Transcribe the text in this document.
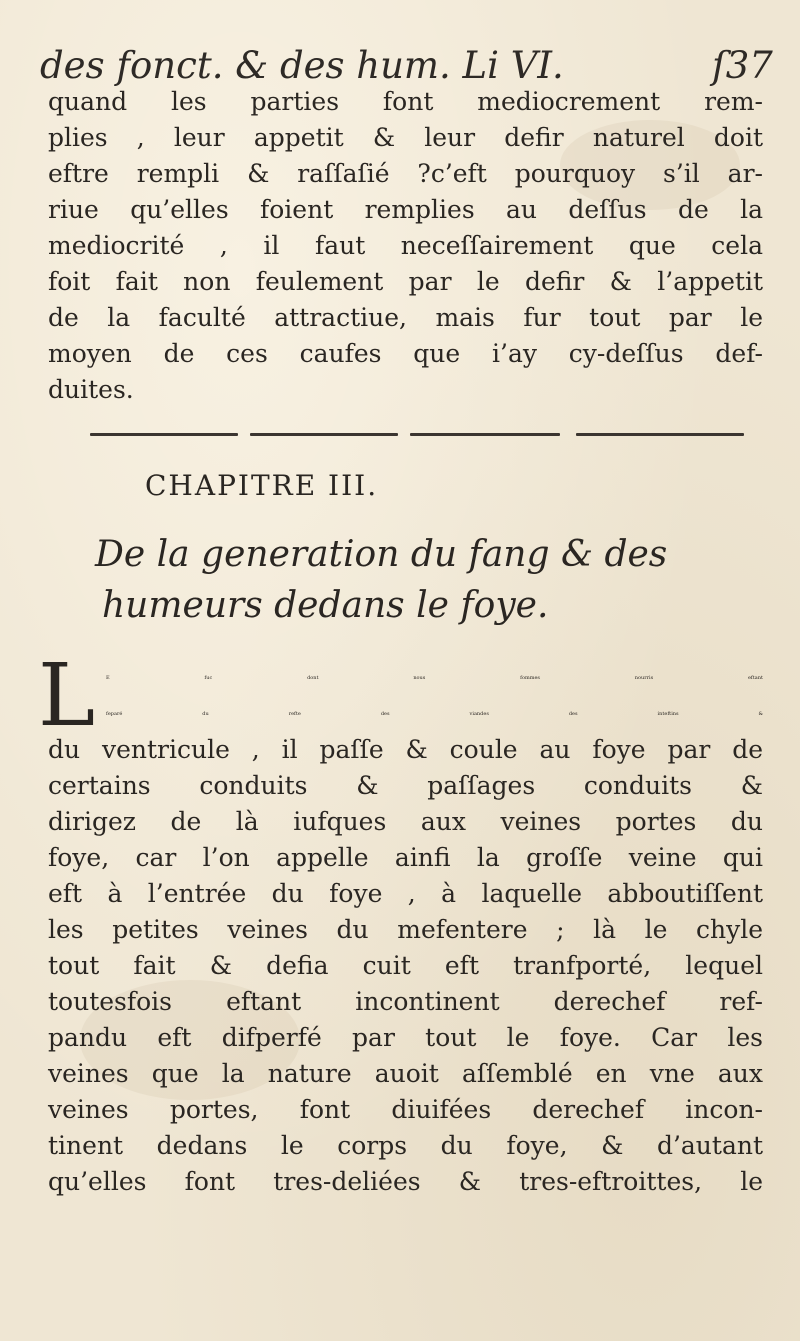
des fonct. & des hum. Li VI.	ſ37
quand les parties font mediocrement rem-
plies , leur appetit & leur defir naturel doit
eftre rempli & raſſaſié ?c’eft pourquoy s’il ar-
riue qu’elles foient remplies au deſſus de la
mediocrité , il faut neceſſairement que cela
foit fait non feulement par le defir & l’appetit
de la faculté attractiue, mais fur tout par le
moyen de ces caufes que i’ay cy-deſſus def-
duites.
CHAPITRE III.
De la generation du fang & des
humeurs dedans le foye.
L	E fuc dont nous fommes nourris eftant
feparé du refte des viandes des inteftins &
du ventricule , il paſſe & coule au foye par de
certains conduits & paſſages conduits &
dirigez de là iufques aux veines portes du
foye, car l’on appelle ainfi la groſſe veine qui
eft à l’entrée du foye , à laquelle abboutiſſent
les petites veines du mefentere ; là le chyle
tout fait & defia cuit eft tranfporté, lequel
toutesfois eftant incontinent derechef ref-
pandu eft difperfé par tout le foye. Car les
veines que la nature auoit aſſemblé en vne aux
veines portes, font diuifées derechef incon-
tinent dedans le corps du foye, & d’autant
qu’elles font tres-deliées & tres-eftroittes, le
